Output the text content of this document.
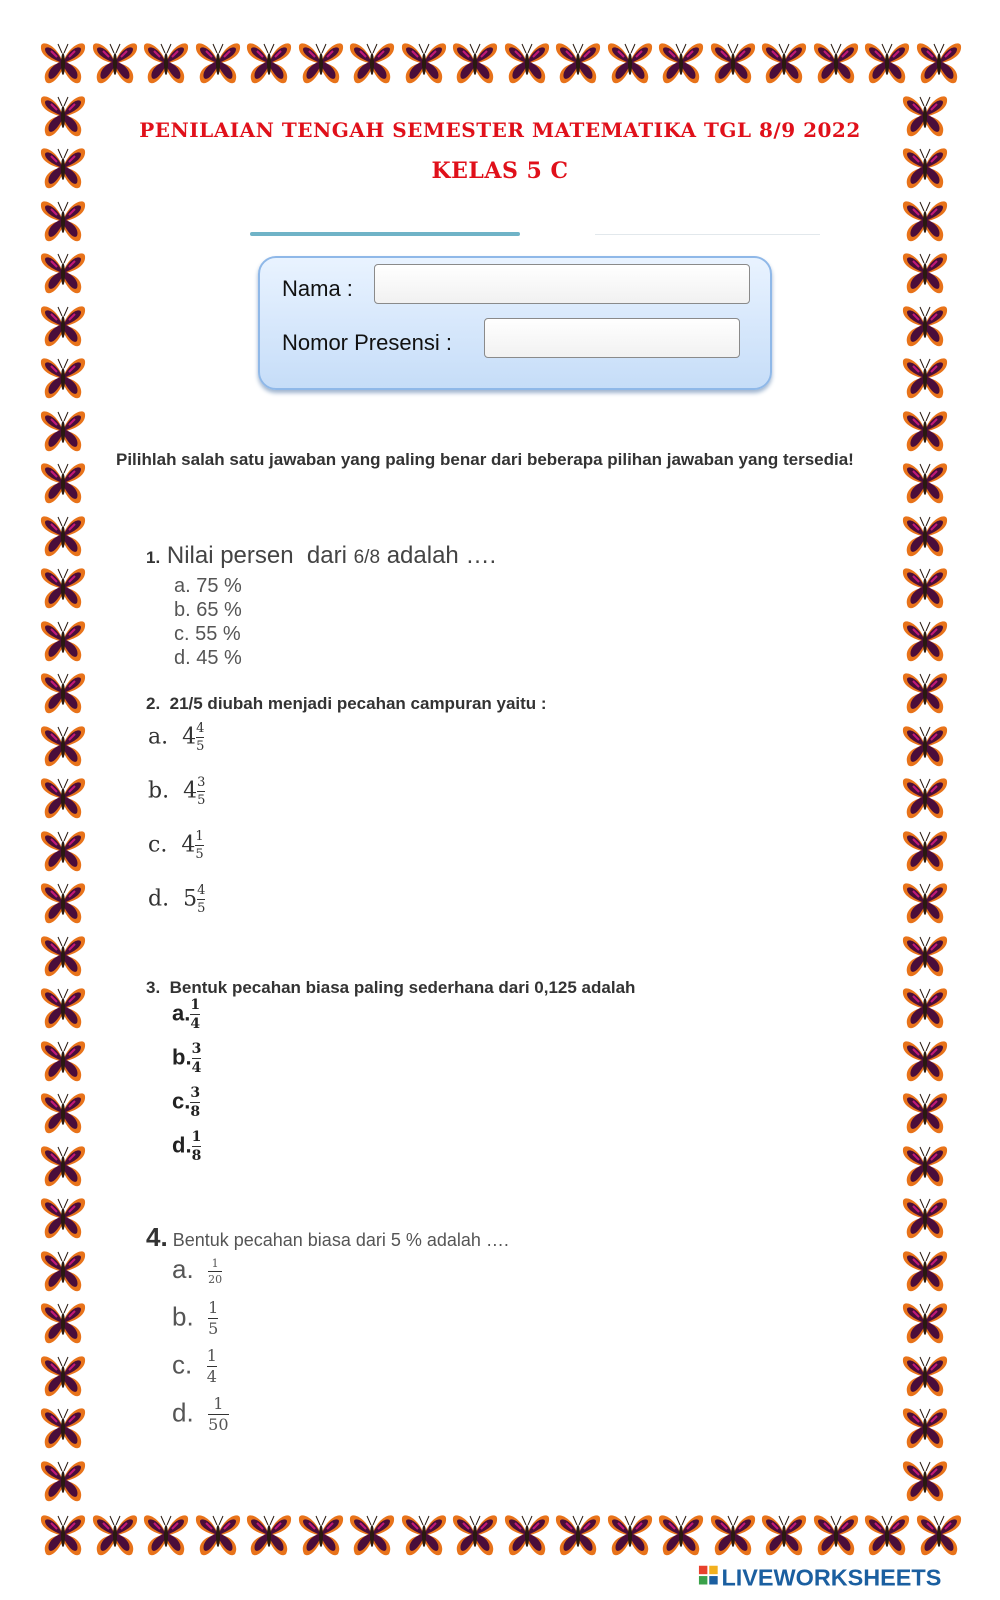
PENILAIAN TENGAH SEMESTER MATEMATIKA TGL 8/9 2022
KELAS 5 C
Nama :
Nomor Presensi :
Pilihlah salah satu jawaban yang paling benar dari beberapa pilihan jawaban yang tersedia!
1. Nilai persen  dari 6/8 adalah ….
a. 75 %
b. 65 %
c. 55 %
d. 45 %
2.  21/5 diubah menjadi pecahan campuran yaitu :
a. $4 \frac{4}{5}$
b. $4 \frac{3}{5}$
c. $4 \frac{1}{5}$
d. $5 \frac{4}{5}$
3.  Bentuk pecahan biasa paling sederhana dari 0,125 adalah
a. $\frac{1}{4}$
b. $\frac{3}{4}$
c. $\frac{3}{8}$
d. $\frac{1}{8}$
4. Bentuk pecahan biasa dari 5 % adalah ….
a. $\frac{1}{20}$
b. $\frac{1}{5}$
c. $\frac{1}{4}$
d. $\frac{1}{50}$
LIVEWORKSHEETS
